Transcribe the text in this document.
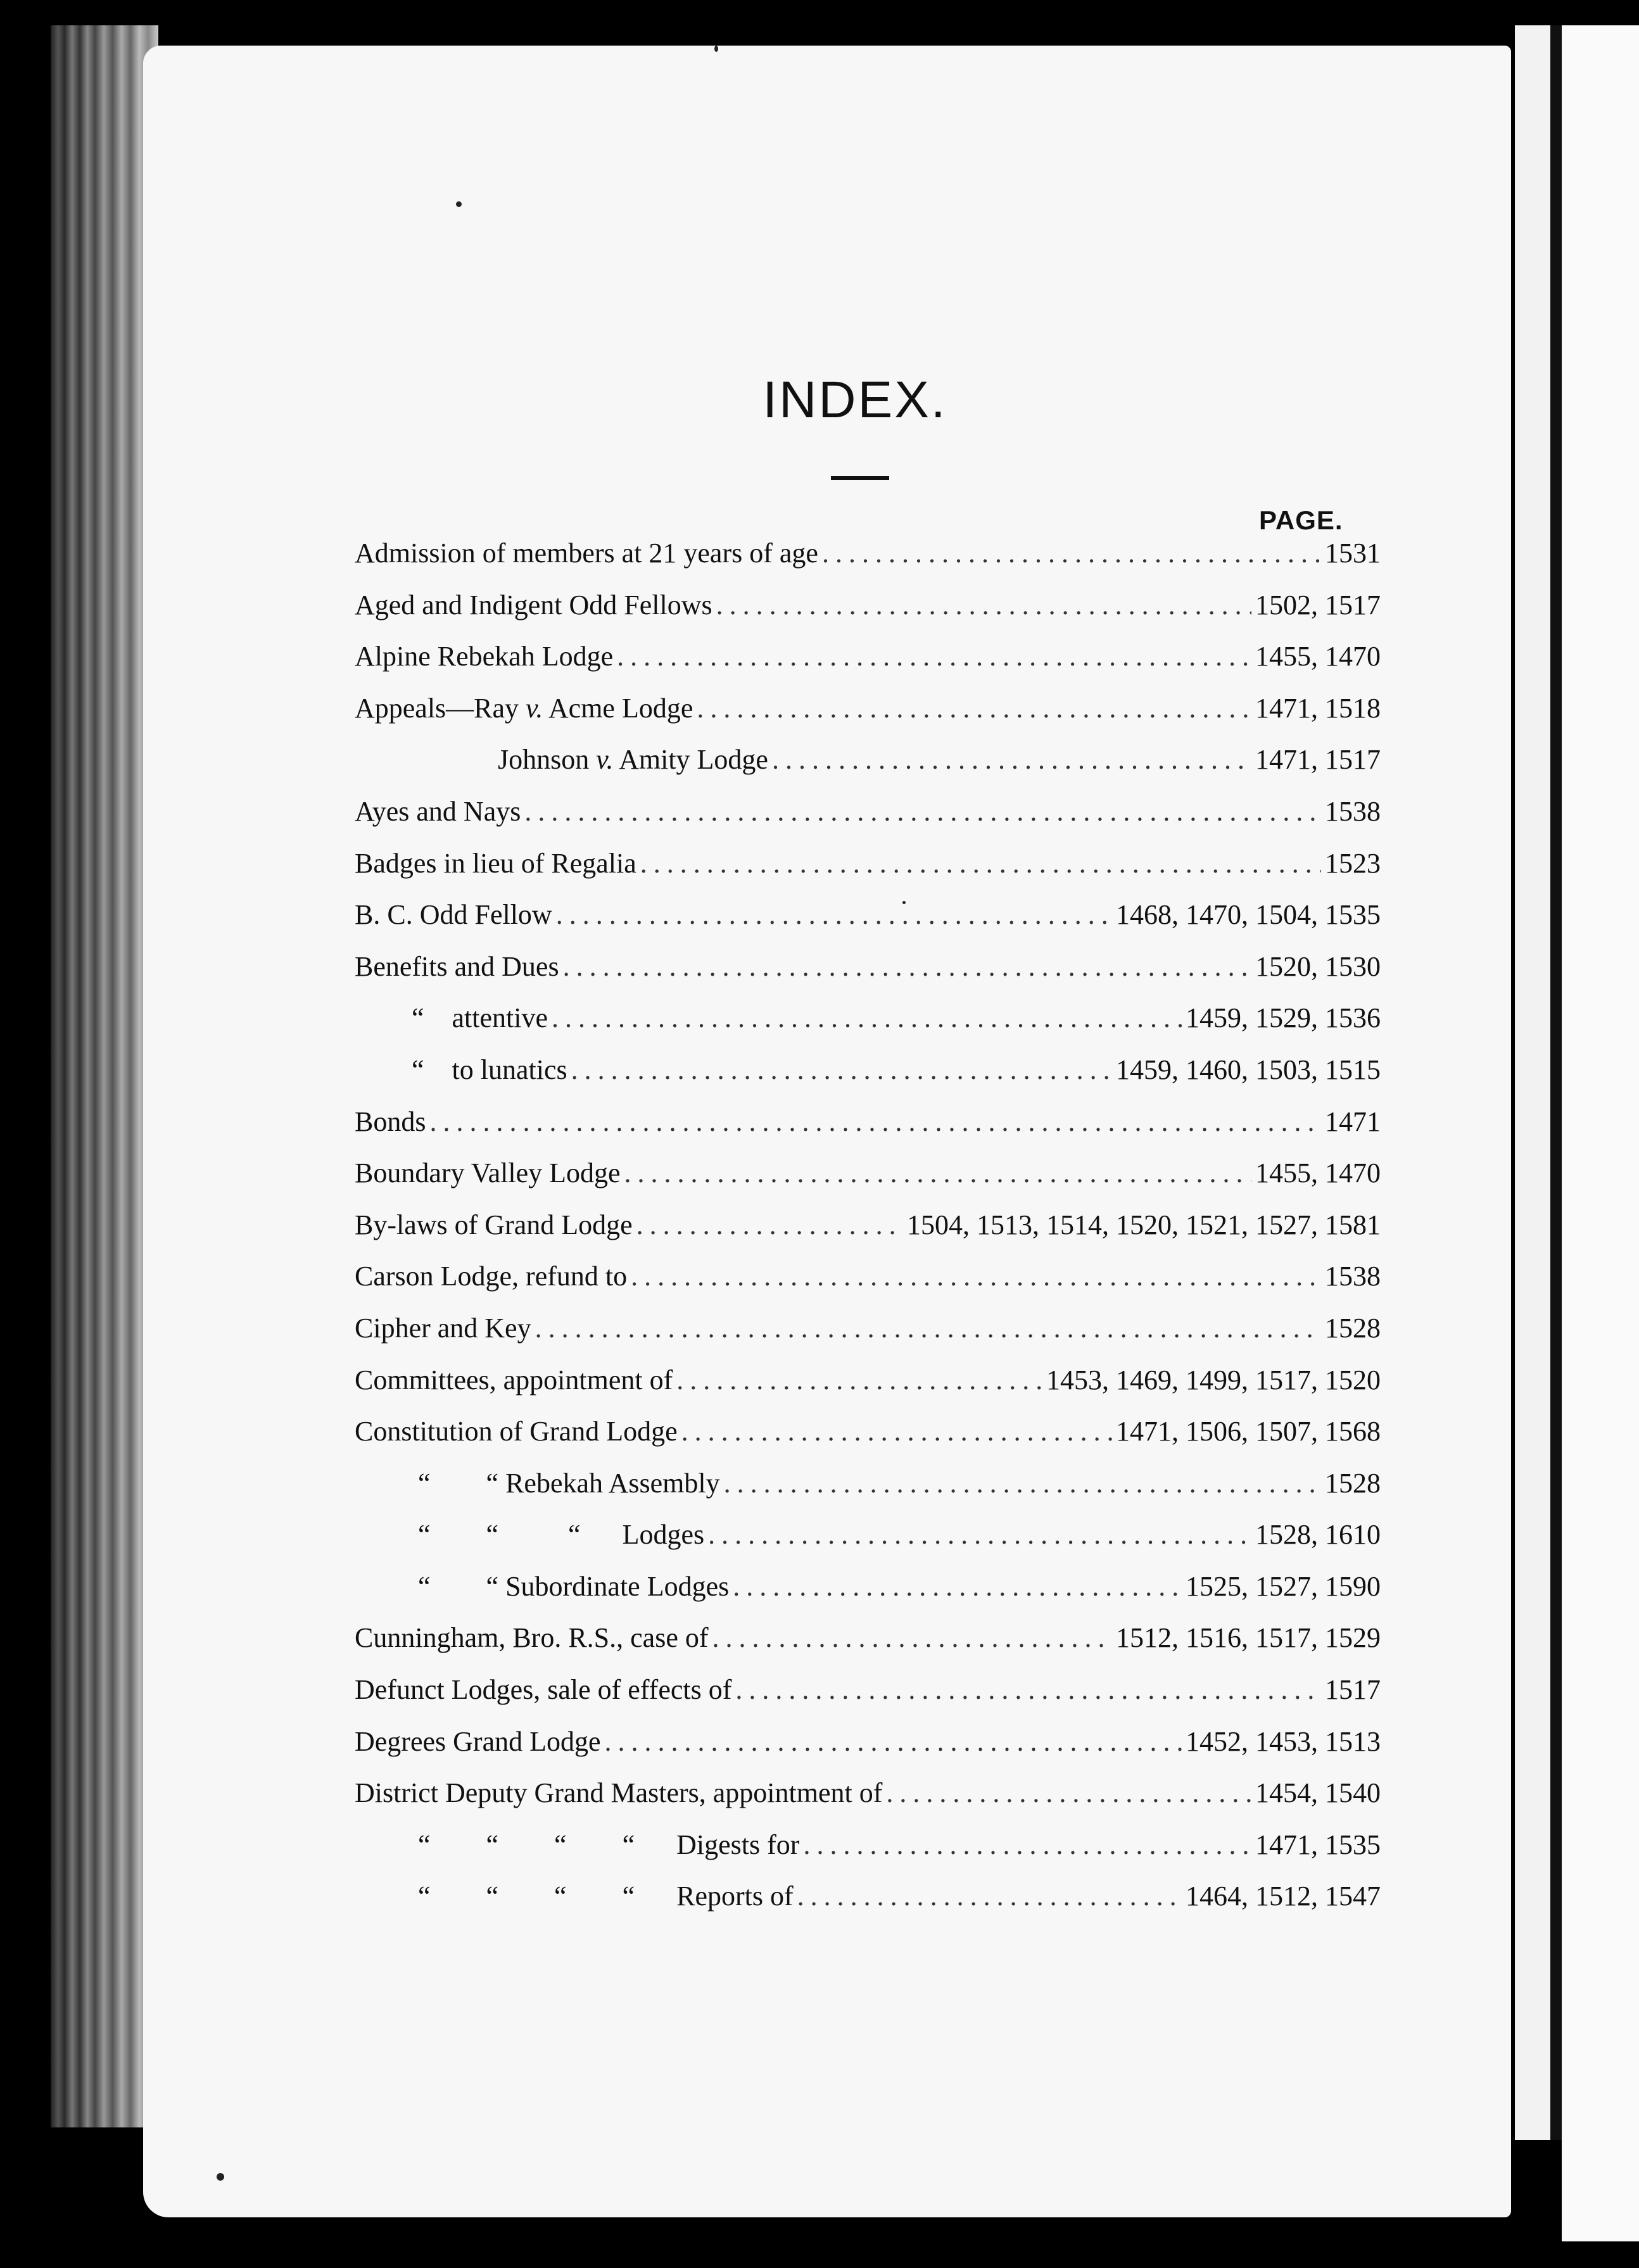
INDEX.
PAGE.
Admission of members at 21 years of age .....	1531
Aged and Indigent Odd Fellows .....	1502, 1517
Alpine Rebekah Lodge .....	1455, 1470
Appeals—Ray v. Acme Lodge .....	1471, 1518
Johnson v. Amity Lodge .....	1471, 1517
Ayes and Nays .....	1538
Badges in lieu of Regalia .....	1523
B. C. Odd Fellow .....	1468, 1470, 1504, 1535
Benefits and Dues .....	1520, 1530
“ attentive .....	1459, 1529, 1536
“ to lunatics .....	1459, 1460, 1503, 1515
Bonds .....	1471
Boundary Valley Lodge .....	1455, 1470
By-laws of Grand Lodge .....	1504, 1513, 1514, 1520, 1521, 1527, 1581
Carson Lodge, refund to .....	1538
Cipher and Key .....	1528
Committees, appointment of .....	1453, 1469, 1499, 1517, 1520
Constitution of Grand Lodge .....	1471, 1506, 1507, 1568
“        “ Rebekah Assembly .....	1528
“        “          “ Lodges .....	1528, 1610
“        “ Subordinate Lodges .....	1525, 1527, 1590
Cunningham, Bro. R.S., case of .....	1512, 1516, 1517, 1529
Defunct Lodges, sale of effects of .....	1517
Degrees Grand Lodge .....	1452, 1453, 1513
District Deputy Grand Masters, appointment of .....	1454, 1540
“        “        “        “ Digests for .....	1471, 1535
“        “        “        “ Reports of .....	1464, 1512, 1547
